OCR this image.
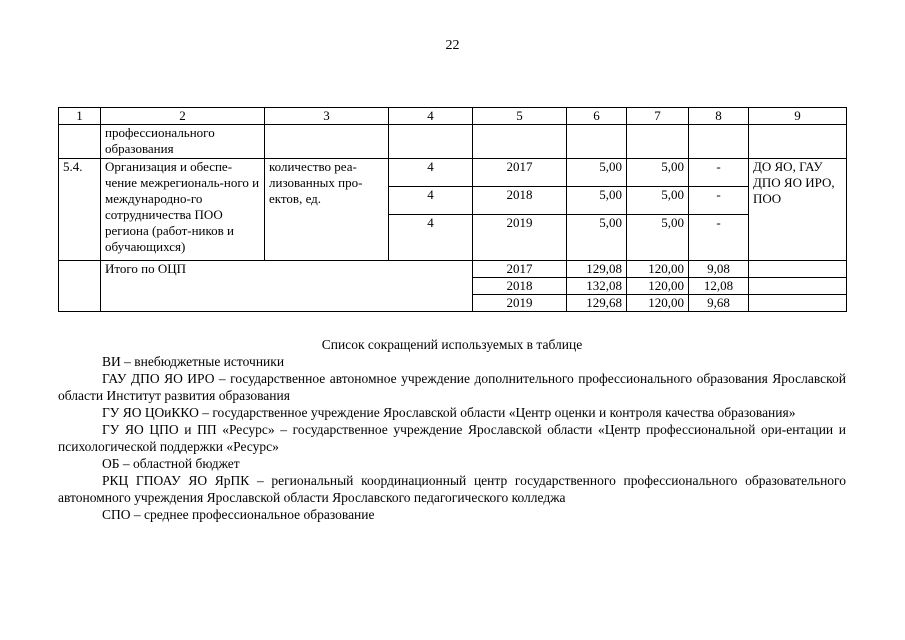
22
1	2	3	4	5	6	7	8	9
	профессионального образования							
5.4.	Организация и обеспе-чение межрегиональ-ного и международно-го сотрудничества ПОО региона (работ-ников и обучающихся)	количество реа-лизованных про-ектов, ед.	4	2017	5,00	5,00	-	ДО ЯО, ГАУ ДПО ЯО ИРО, ПОО
			4	2018	5,00	5,00	-	
			4	2019	5,00	5,00	-	
	Итого по ОЦП			2017	129,08	120,00	9,08	
				2018	132,08	120,00	12,08	
				2019	129,68	120,00	9,68	
Список сокращений используемых в таблице

ВИ – внебюджетные источники

ГАУ ДПО ЯО ИРО – государственное автономное учреждение дополнительного профессионального образования Ярославской области Институт развития образования

ГУ ЯО ЦОиККО – государственное учреждение Ярославской области «Центр оценки и контроля качества образования»

ГУ ЯО ЦПО и ПП «Ресурс» – государственное учреждение Ярославской области «Центр профессиональной ори-ентации и психологической поддержки «Ресурс»

ОБ – областной бюджет

РКЦ ГПОАУ ЯО ЯрПК – региональный координационный центр государственного профессионального образовательного автономного учреждения Ярославской области Ярославского педагогического колледжа

СПО – среднее профессиональное образование
